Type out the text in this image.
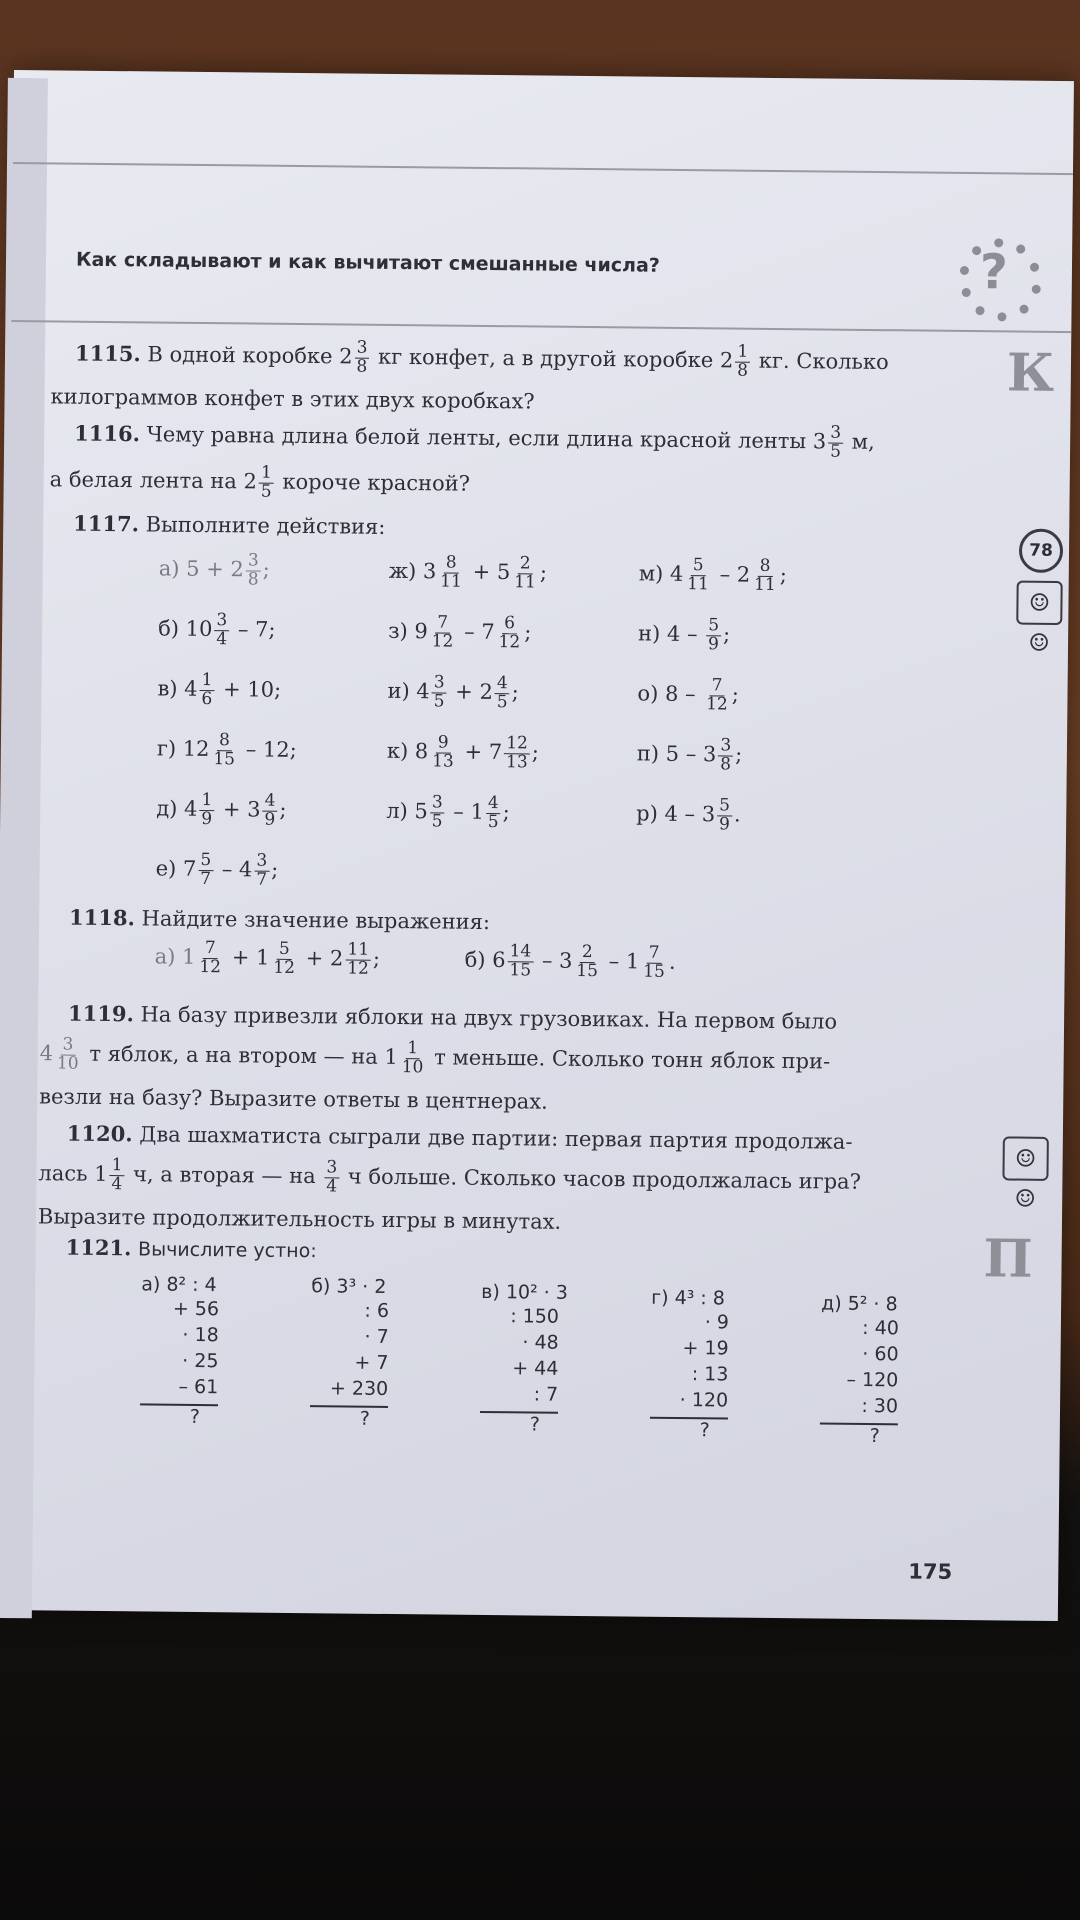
Как складывают и как вычитают смешанные числа?	?
К
П
78
☺☺
☺☺
1115. В одной коробке $2 \frac{3}{8}$ кг конфет, а в другой коробке $2 \frac{1}{8}$ кг. Сколько
килограммов конфет в этих двух коробках?
1116. Чему равна длина белой ленты, если длина красной ленты $3 \frac{3}{5} м$,
а белая лента на $2 \frac{1}{5}$ короче красной?
1117. Выполните действия:
а) $5 + 2 \frac{3}{8}$ ;
б) $10 \frac{3}{4} - 7$;
в) $4 \frac{1}{6} + 10$;
г) $12 \frac{8}{15} - 12$;
д) $4 \frac{1}{9} + 3 \frac{4}{9}$ ;
е) $7 \frac{5}{7} - 4 \frac{3}{7}$ ;
ж) $3 \frac{8}{11} + 5 \frac{2}{11}$ ;
з) $9 \frac{7}{12} - 7 \frac{6}{12}$ ;
и) $4 \frac{3}{5} + 2 \frac{4}{5}$ ;
к) $8 \frac{9}{13} + 7 \frac{12}{13}$ ;
л) $5 \frac{3}{5} - 1 \frac{4}{5}$ ;
м) $4 \frac{5}{11} - 2 \frac{8}{11}$ ;
н) $4 - \frac{5}{9}$ ;
о) $8 - \frac{7}{12}$ ;
п) $5 - 3 \frac{3}{8}$ ;
р) $4 - 3 \frac{5}{9}$ .
1118. Найдите значение выражения:
а) $1 \frac{7}{12} + 1 \frac{5}{12} + 2 \frac{11}{12}$ ;	б) $6 \frac{14}{15} - 3 \frac{2}{15} - 1 \frac{7}{15}$ .
1119. На базу привезли яблоки на двух грузовиках. На первом было
$4 \frac{3}{10}$ т яблок, а на втором — на $1 \frac{1}{10}$ т меньше. Сколько тонн яблок при-
везли на базу? Выразите ответы в центнерах.
1120. Два шахматиста сыграли две партии: первая партия продолжа-
лась $1 \frac{1}{4} ч$, а вторая — на $\frac{3}{4}$ ч больше. Сколько часов продолжалась игра?
Выразите продолжительность игры в минутах.
1121. Вычислите устно:
а) 8² : 4
+ 56
· 18
· 25
– 61
?
б) 3³ · 2
: 6
· 7
+ 7
+ 230
?
в) 10² · 3
: 150
· 48
+ 44
: 7
?
г) 4³ : 8
· 9
+ 19
: 13
· 120
?
д) 5² · 8
: 40
· 60
– 120
: 30
?
175
